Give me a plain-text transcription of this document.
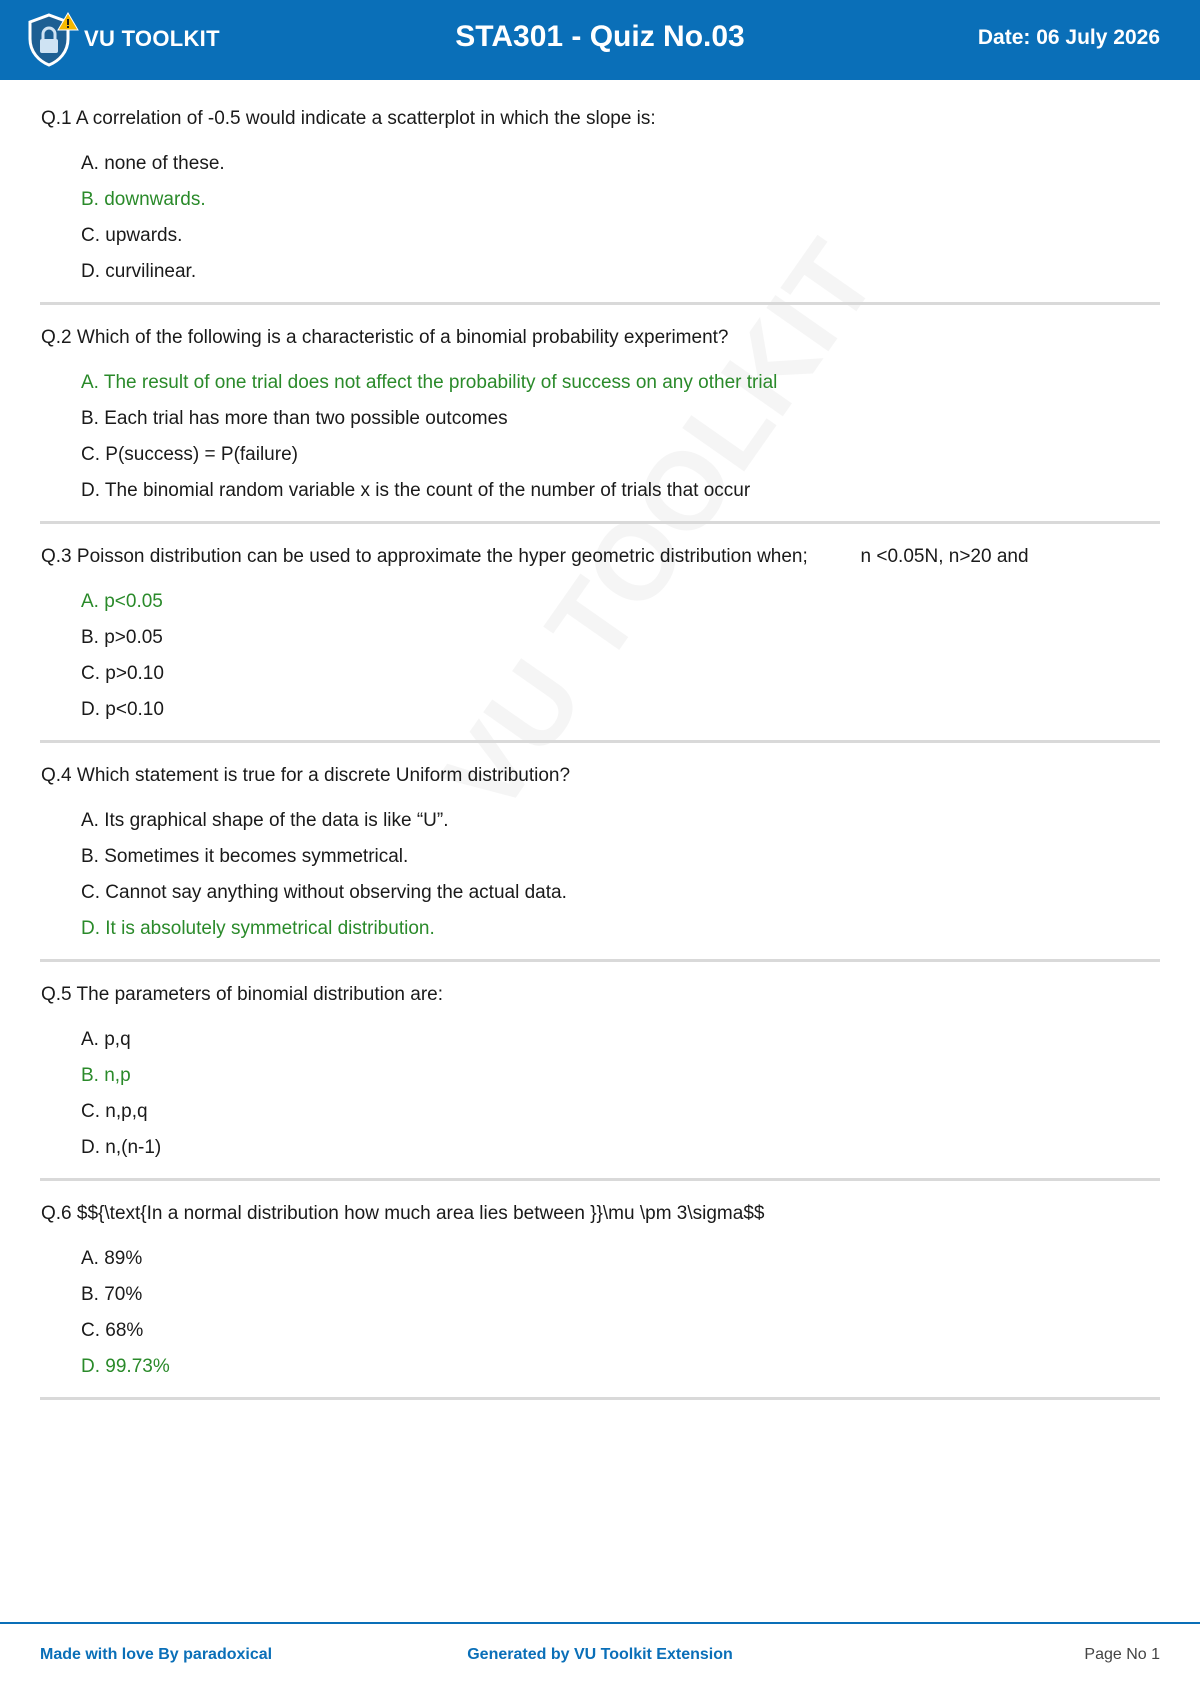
VU TOOLKIT	STA301 - Quiz No.03	Date: 06 July 2026
Q.1 A correlation of -0.5 would indicate a scatterplot in which the slope is:
A. none of these.
B. downwards.
C. upwards.
D. curvilinear.
Q.2 Which of the following is a characteristic of a binomial probability experiment?
A. The result of one trial does not affect the probability of success on any other trial
B. Each trial has more than two possible outcomes
C. P(success) = P(failure)
D. The binomial random variable x is the count of the number of trials that occur
Q.3 Poisson distribution can be used to approximate the hyper geometric distribution when;          n <0.05N, n>20 and
A. p<0.05
B. p>0.05
C. p>0.10
D. p<0.10
Q.4 Which statement is true for a discrete Uniform distribution?
A. Its graphical shape of the data is like “U”.
B. Sometimes it becomes symmetrical.
C. Cannot say anything without observing the actual data.
D. It is absolutely symmetrical distribution.
Q.5 The parameters of binomial distribution are:
A. p,q
B. n,p
C. n,p,q
D. n,(n-1)
Q.6 $${\text{In a normal distribution how much area lies between }}\mu \pm 3\sigma$$
A. 89%
B. 70%
C. 68%
D. 99.73%
Made with love By paradoxical	Generated by VU Toolkit Extension	Page No 1
